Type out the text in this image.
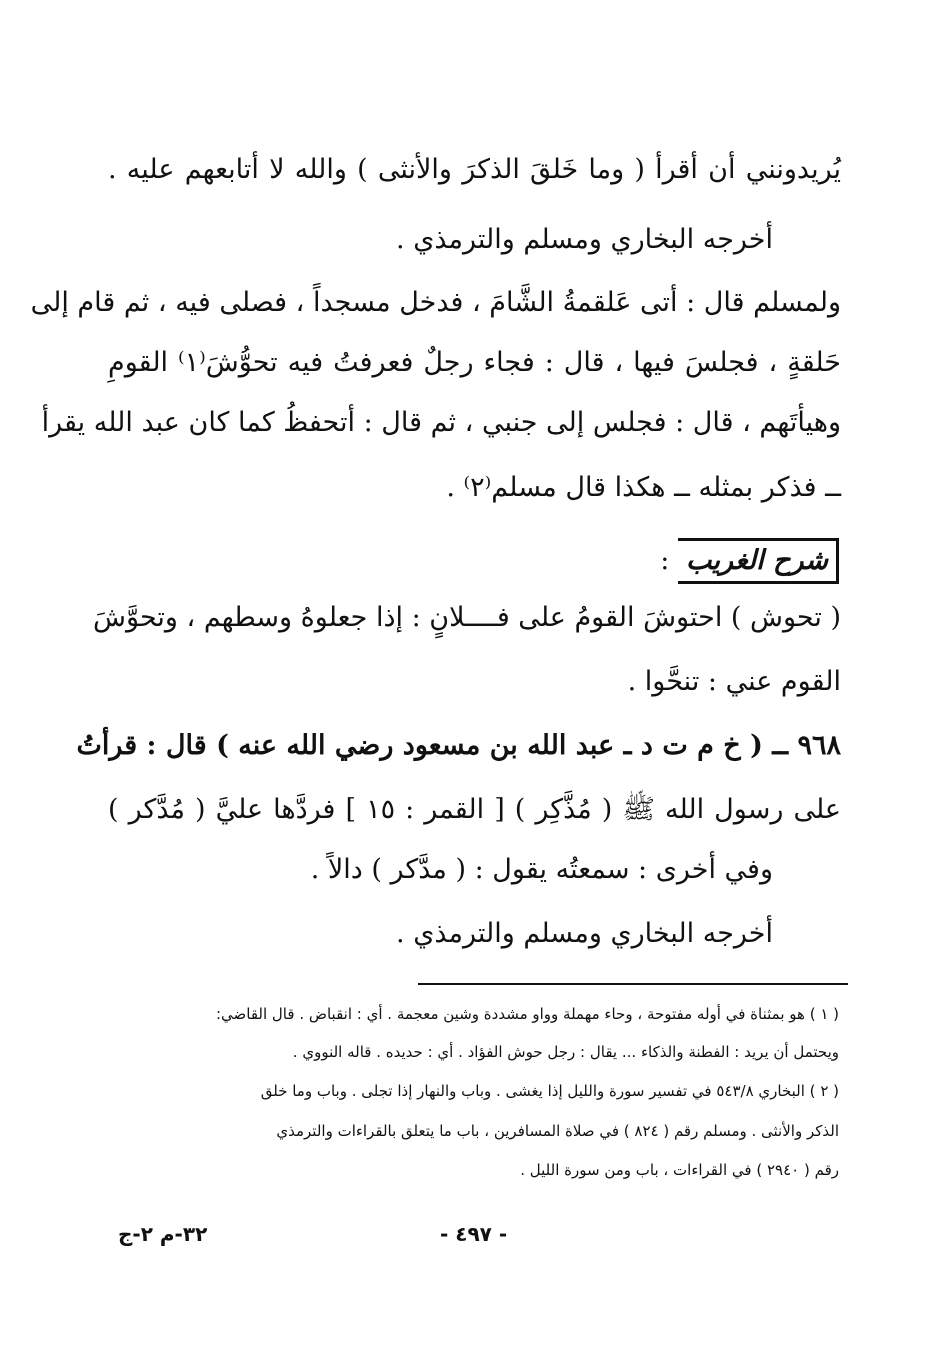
يُريدونني أن أقرأ ( وما خَلقَ الذكرَ والأنثى ) والله لا أتابعهم عليه .
أخرجه البخاري ومسلم والترمذي .
ولمسلم قال : أتى عَلقمةُ الشَّامَ ، فدخل مسجداً ، فصلى فيه ، ثم قام إلى
حَلقةٍ ، فجلسَ فيها ، قال : فجاء رجلٌ فعرفتُ فيه تحوُّشَ⁽١⁾ القومِ
وهيأتَهم ، قال : فجلس إلى جنبي ، ثم قال : أتحفظُ كما كان عبد الله يقرأ
ــ فذكر بمثله ــ هكذا قال مسلم⁽٢⁾ .
شرح الغريب :
( تحوش ) احتوشَ القومُ على فــــلانٍ : إذا جعلوهُ وسطهم ، وتحوَّشَ
القوم عني : تنحَّوا .
٩٦٨ ــ ( خ م ت د ـ عبد الله بن مسعود رضي الله عنه ) قال : قرأتُ
على رسول الله ﷺ ( مُذَّكِر ) [ القمر : ١٥ ] فردَّها عليَّ ( مُدَّكر )
وفي أخرى : سمعتُه يقول : ( مدَّكر ) دالاً .
أخرجه البخاري ومسلم والترمذي .
( ١ ) هو بمثناة في أوله مفتوحة ، وحاء مهملة وواو مشددة وشين معجمة . أي : انقباض . قال القاضي:
ويحتمل أن يريد : الفطنة والذكاء ... يقال : رجل حوش الفؤاد . أي : حديده . قاله النووي .
( ٢ ) البخاري ٥٤٣/٨ في تفسير سورة والليل إذا يغشى . وباب والنهار إذا تجلى . وباب وما خلق
الذكر والأنثى . ومسلم رقم ( ٨٢٤ ) في صلاة المسافرين ، باب ما يتعلق بالقراءات والترمذي
رقم ( ٢٩٤٠ ) في القراءات ، باب ومن سورة الليل .
- ٤٩٧ -
٣٢-م ٢-ج
